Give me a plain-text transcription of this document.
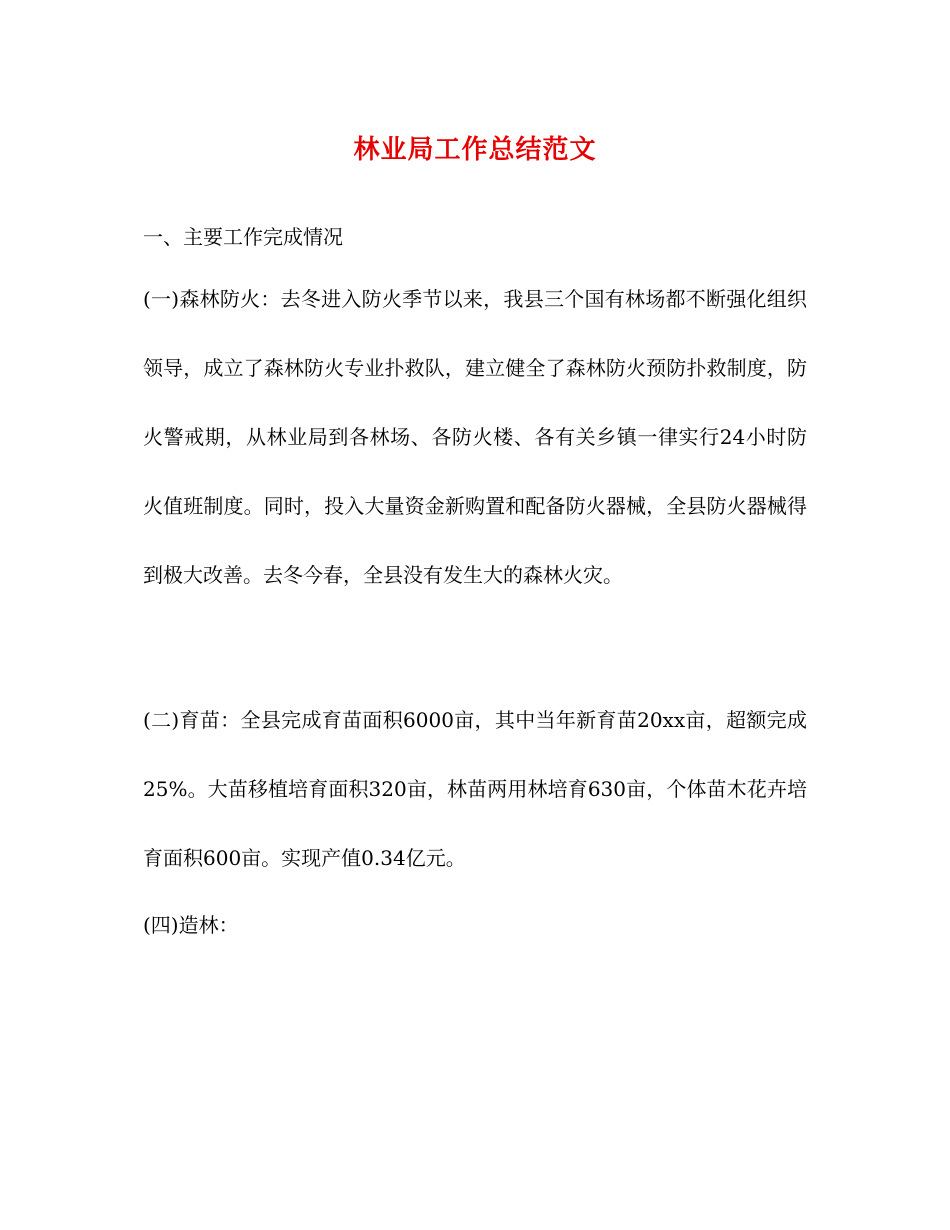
林业局工作总结范文
一、主要工作完成情况

(一)森林防火：去冬进入防火季节以来，我县三个国有林场都不断强化组织领导，成立了森林防火专业扑救队，建立健全了森林防火预防扑救制度，防火警戒期，从林业局到各林场、各防火楼、各有关乡镇一律实行24小时防火值班制度。同时，投入大量资金新购置和配备防火器械，全县防火器械得到极大改善。去冬今春，全县没有发生大的森林火灾。

(二)育苗：全县完成育苗面积6000亩，其中当年新育苗20xx亩，超额完成25%。大苗移植培育面积320亩，林苗两用林培育630亩，个体苗木花卉培育面积600亩。实现产值0.34亿元。

(四)造林：
